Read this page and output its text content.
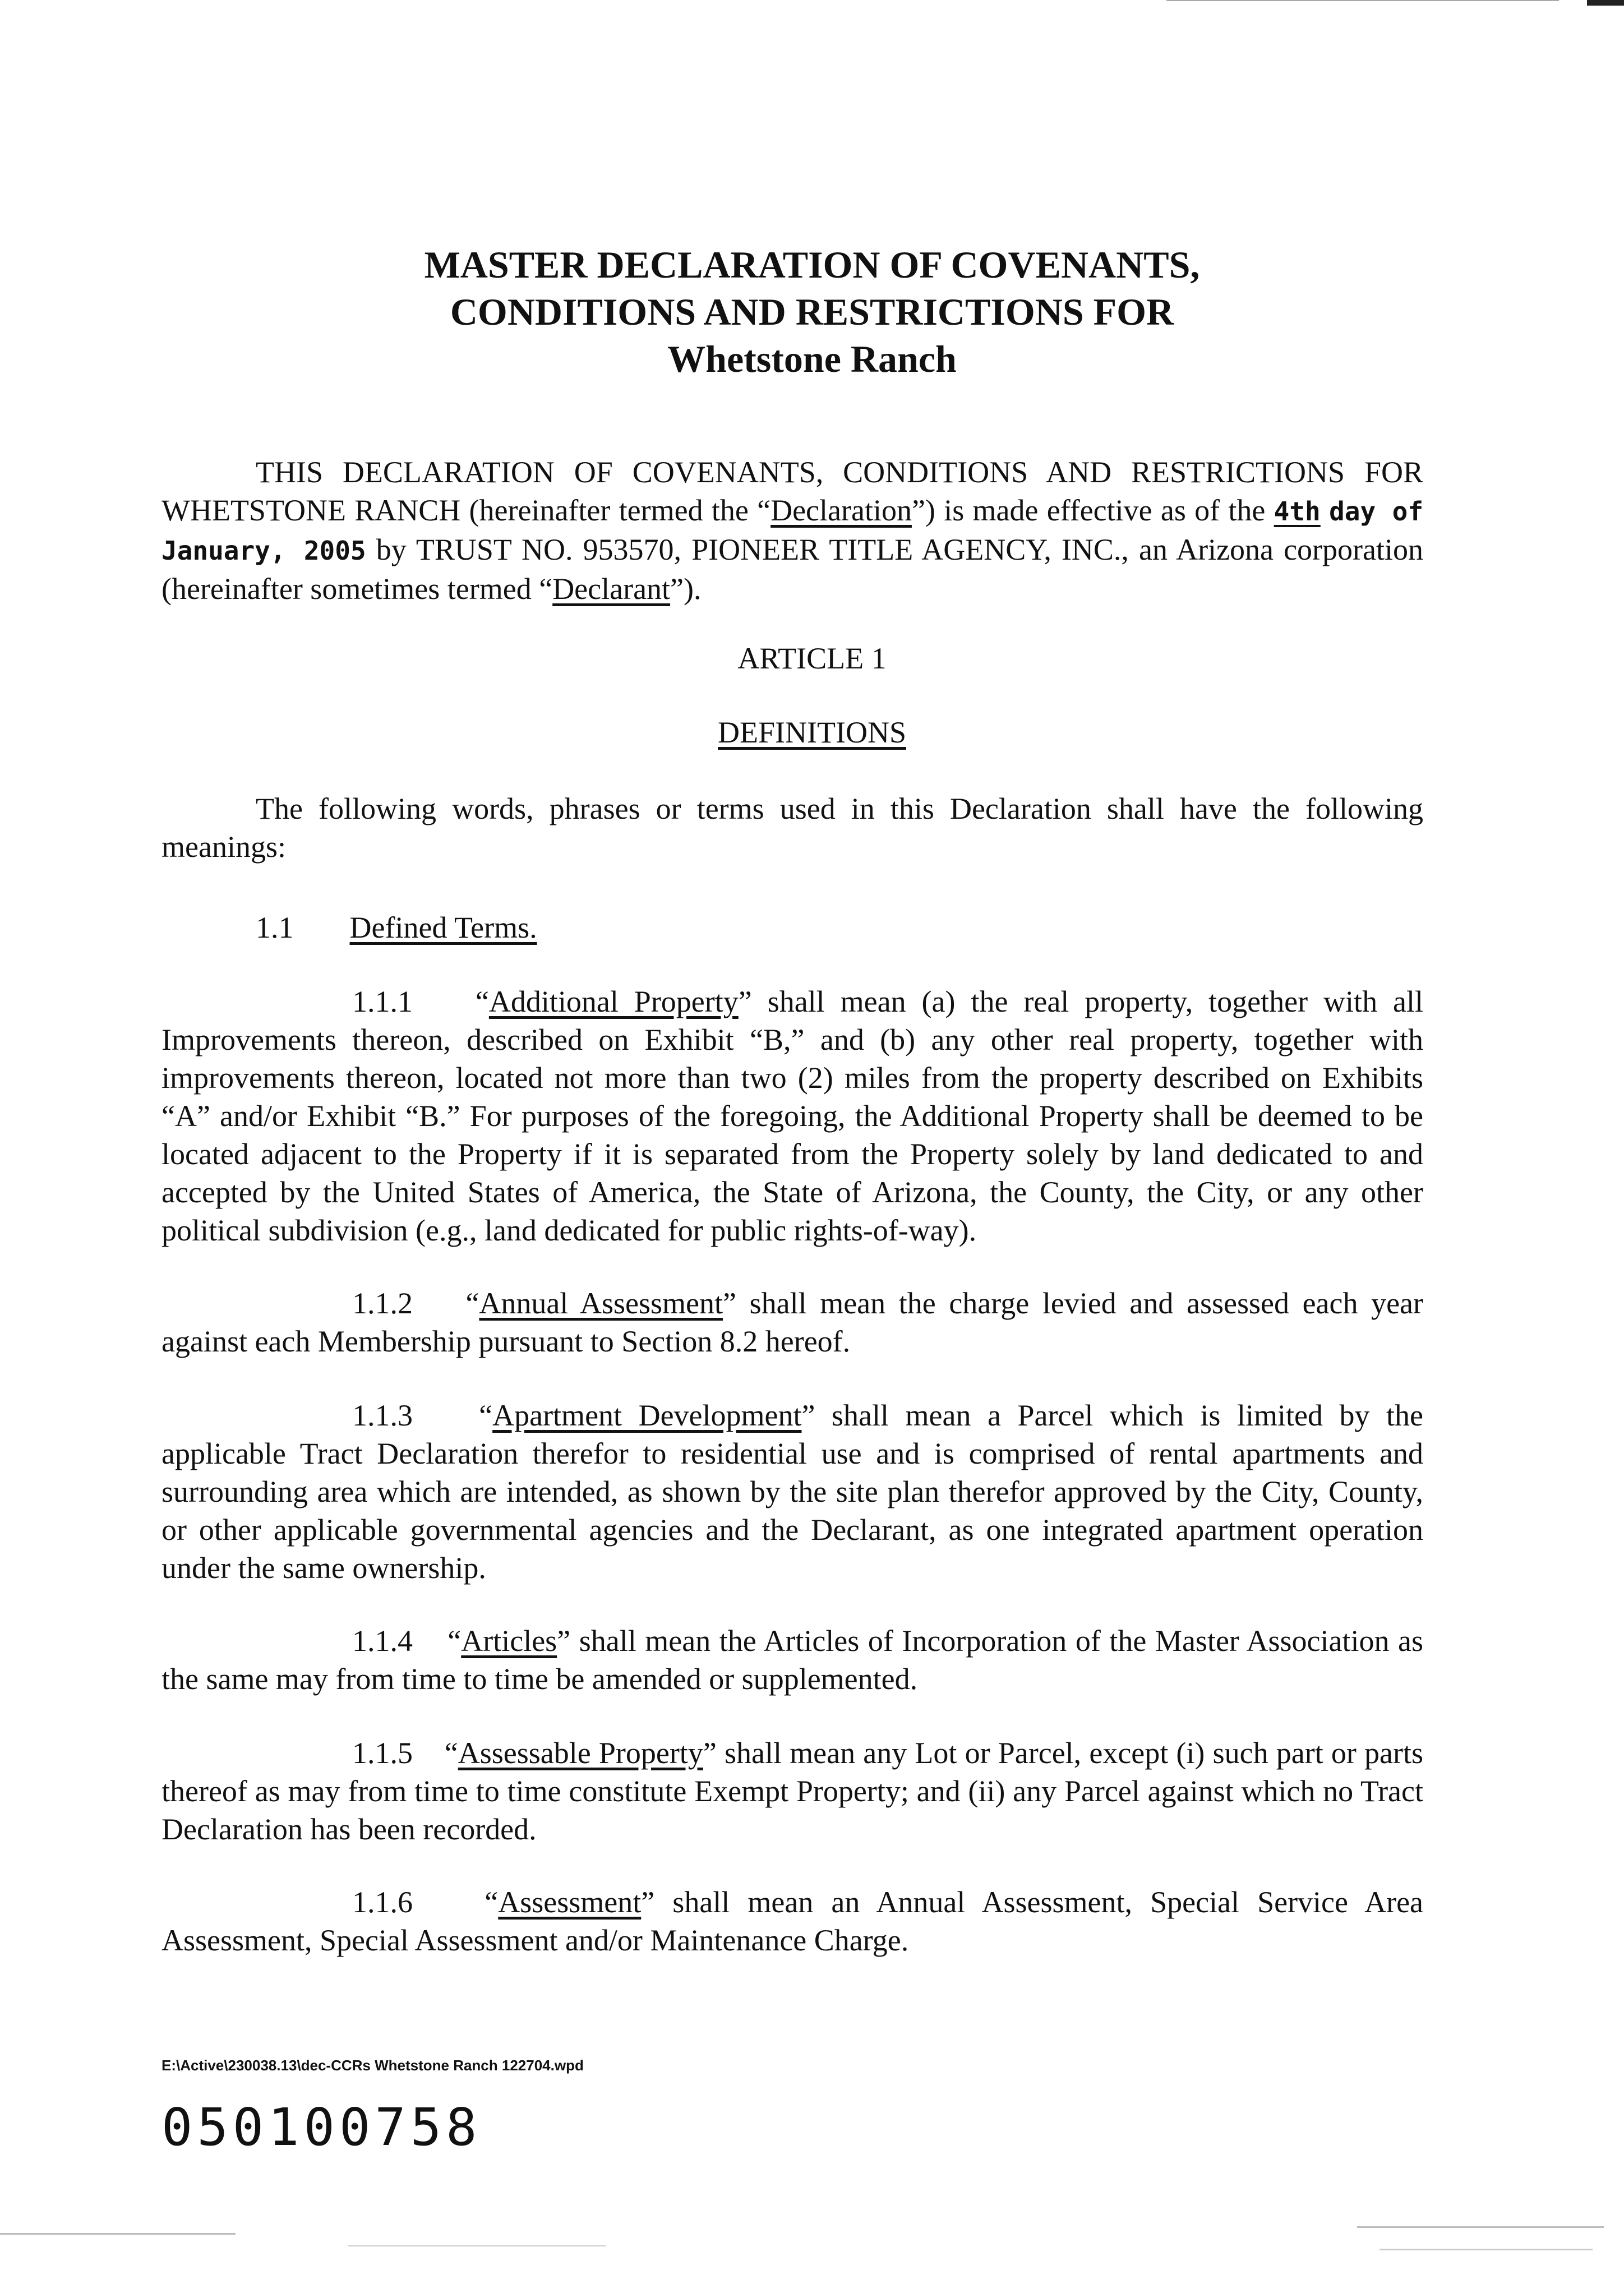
MASTER DECLARATION OF COVENANTS,
CONDITIONS AND RESTRICTIONS FOR
Whetstone Ranch
THIS DECLARATION OF COVENANTS, CONDITIONS AND RESTRICTIONS FOR WHETSTONE RANCH (hereinafter termed the “Declaration”) is made effective as of the 4th day of January, 2005 by TRUST NO. 953570, PIONEER TITLE AGENCY, INC., an Arizona corporation (hereinafter sometimes termed “Declarant”).
ARTICLE 1
DEFINITIONS
The following words, phrases or terms used in this Declaration shall have the following meanings:
1.1 Defined Terms.
1.1.1    “Additional Property” shall mean (a) the real property, together with all Improvements thereon, described on Exhibit “B,” and (b) any other real property, together with improvements thereon, located not more than two (2) miles from the property described on Exhibits “A” and/or Exhibit “B.” For purposes of the foregoing, the Additional Property shall be deemed to be located adjacent to the Property if it is separated from the Property solely by land dedicated to and accepted by the United States of America, the State of Arizona, the County, the City, or any other political subdivision (e.g., land dedicated for public rights-of-way).
1.1.2    “Annual Assessment” shall mean the charge levied and assessed each year against each Membership pursuant to Section 8.2 hereof.
1.1.3    “Apartment Development” shall mean a Parcel which is limited by the applicable Tract Declaration therefor to residential use and is comprised of rental apartments and surrounding area which are intended, as shown by the site plan therefor approved by the City, County, or other applicable governmental agencies and the Declarant, as one integrated apartment operation under the same ownership.
1.1.4    “Articles” shall mean the Articles of Incorporation of the Master Association as the same may from time to time be amended or supplemented.
1.1.5    “Assessable Property” shall mean any Lot or Parcel, except (i) such part or parts thereof as may from time to time constitute Exempt Property; and (ii) any Parcel against which no Tract Declaration has been recorded.
1.1.6    “Assessment” shall mean an Annual Assessment, Special Service Area Assessment, Special Assessment and/or Maintenance Charge.
E:\Active\230038.13\dec-CCRs Whetstone Ranch 122704.wpd
050100758
